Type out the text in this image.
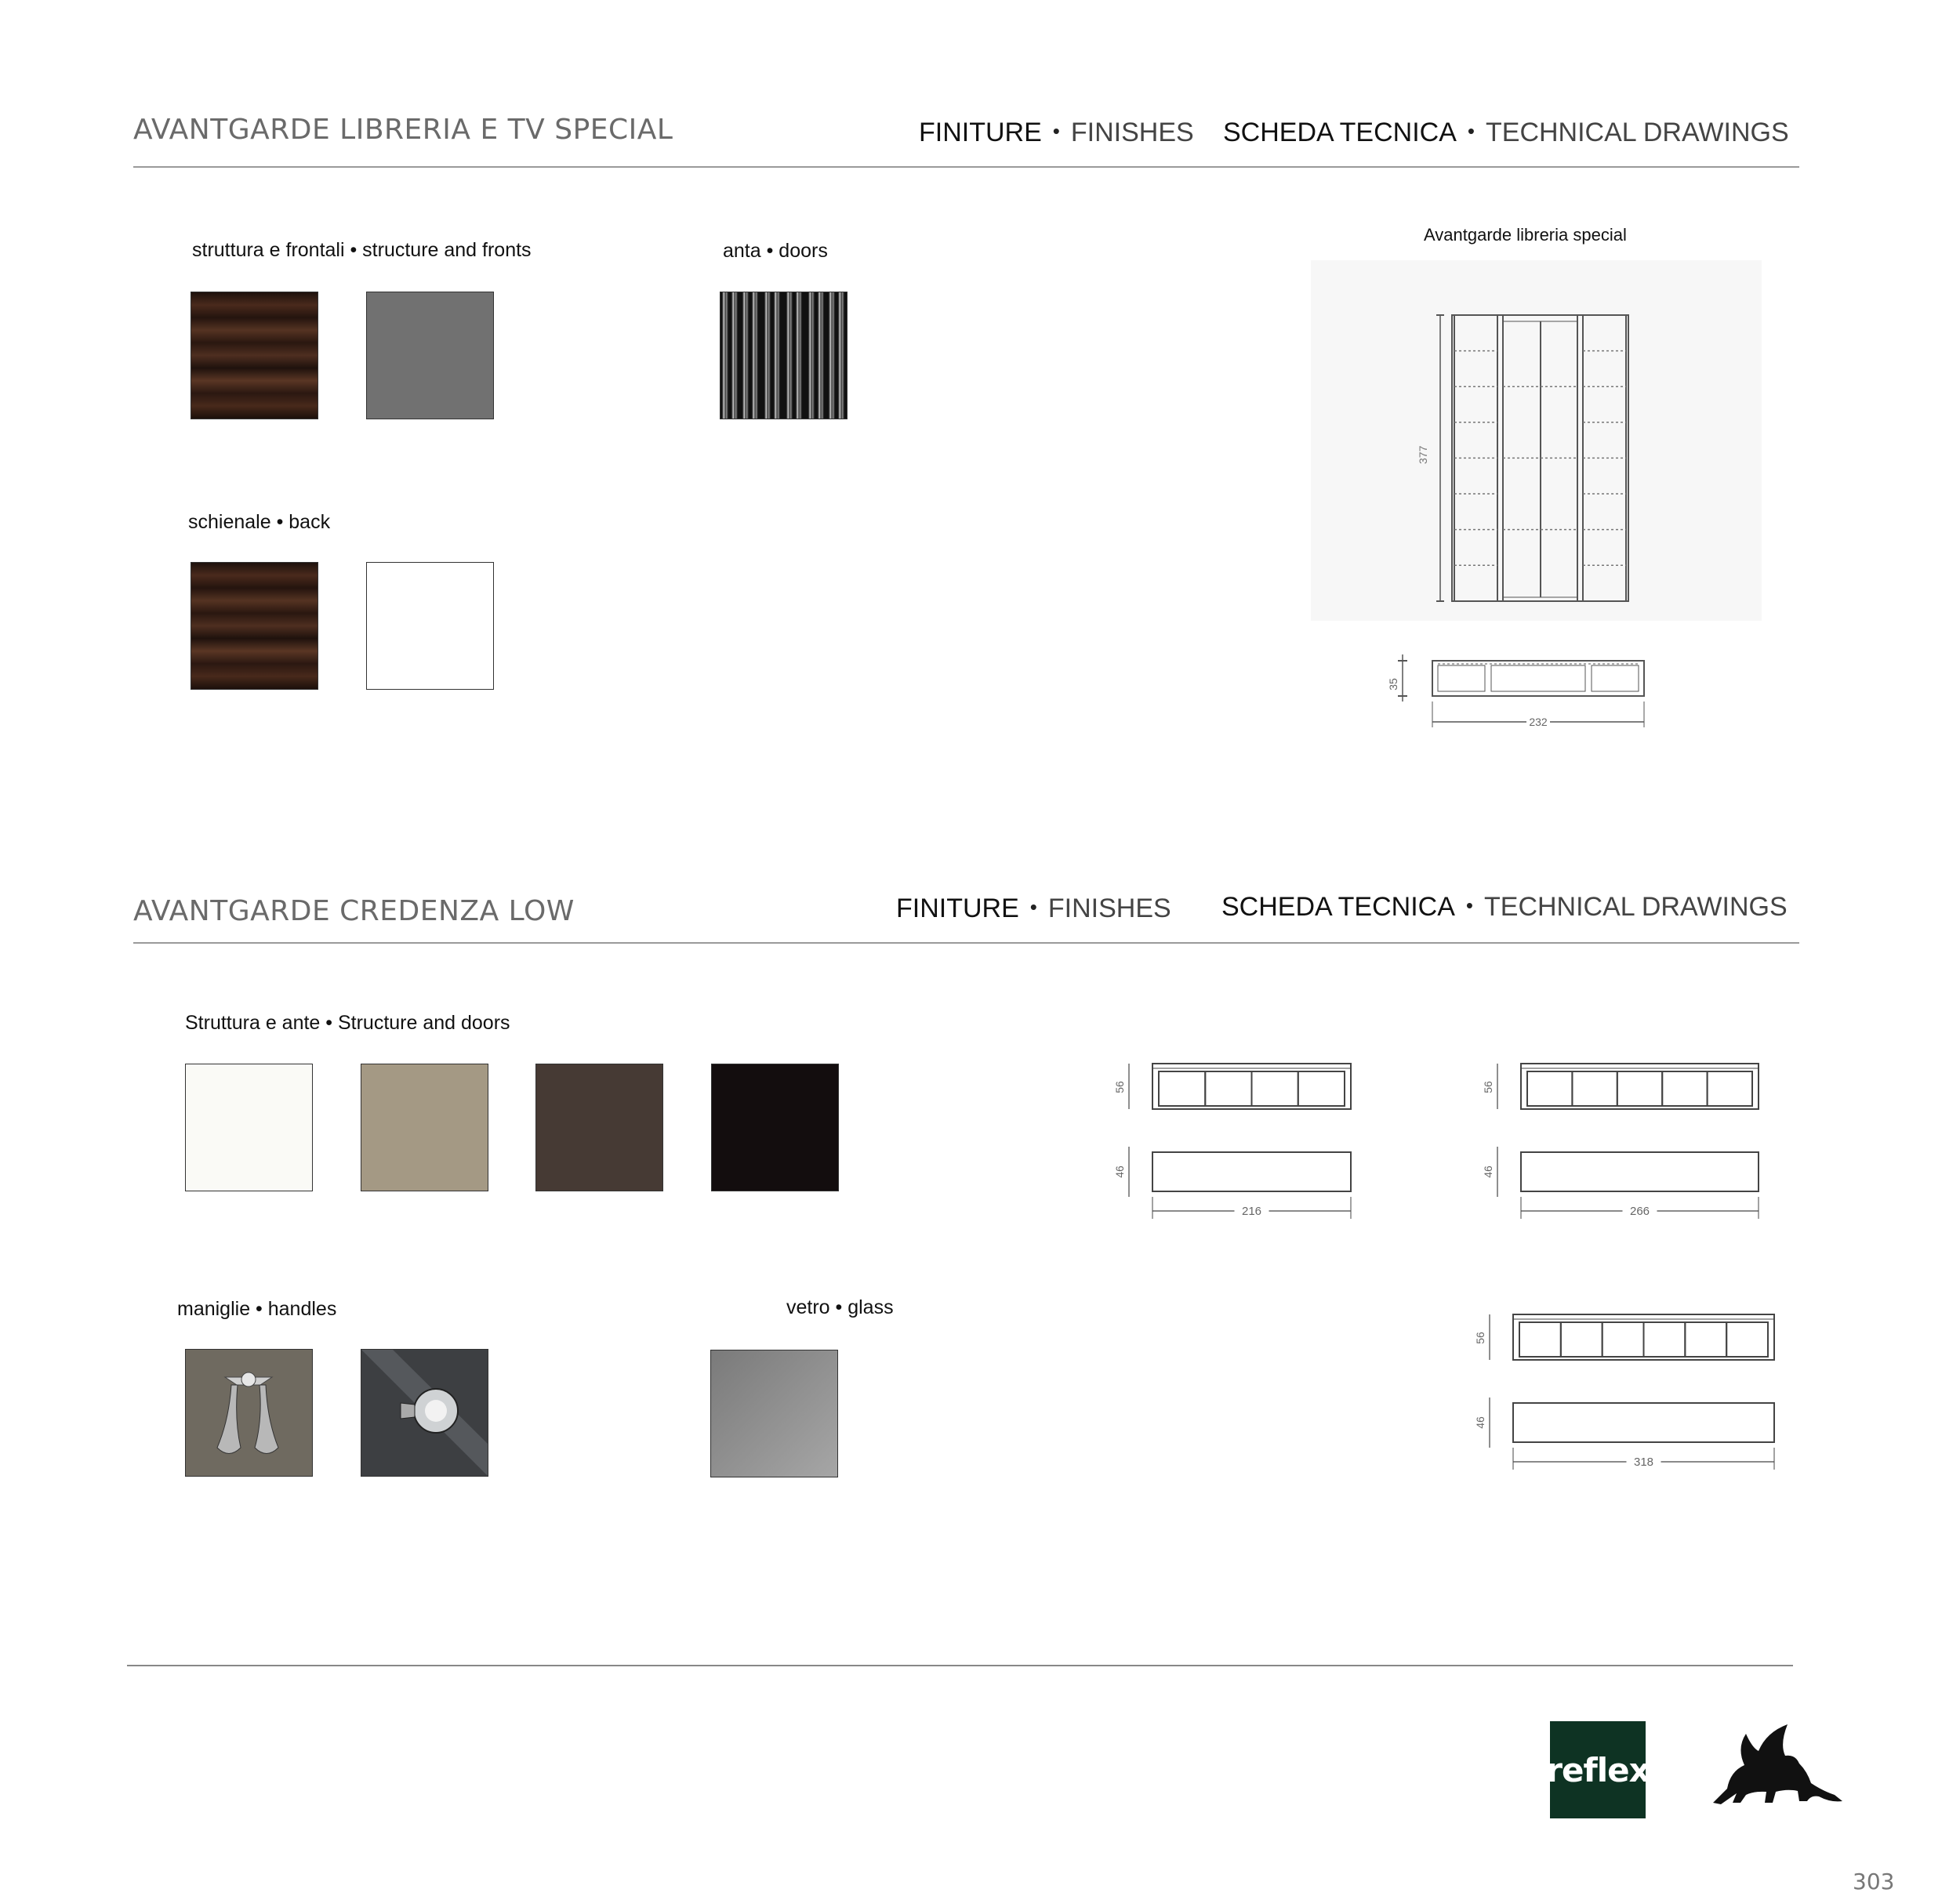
AVANTGARDE LIBRERIA E TV SPECIAL	FINITURE • FINISHES SCHEDA TECNICA • TECHNICAL DRAWINGS
struttura e frontali • structure and fronts	anta • doors
schienale • back
Avantgarde libreria special
377
35
232
AVANTGARDE CREDENZA LOW	FINITURE • FINISHES SCHEDA TECNICA • TECHNICAL DRAWINGS
Struttura e ante • Structure and doors
maniglie • handles	vetro • glass
56
46
216
56
46
266
56
46
318
reflex
303
